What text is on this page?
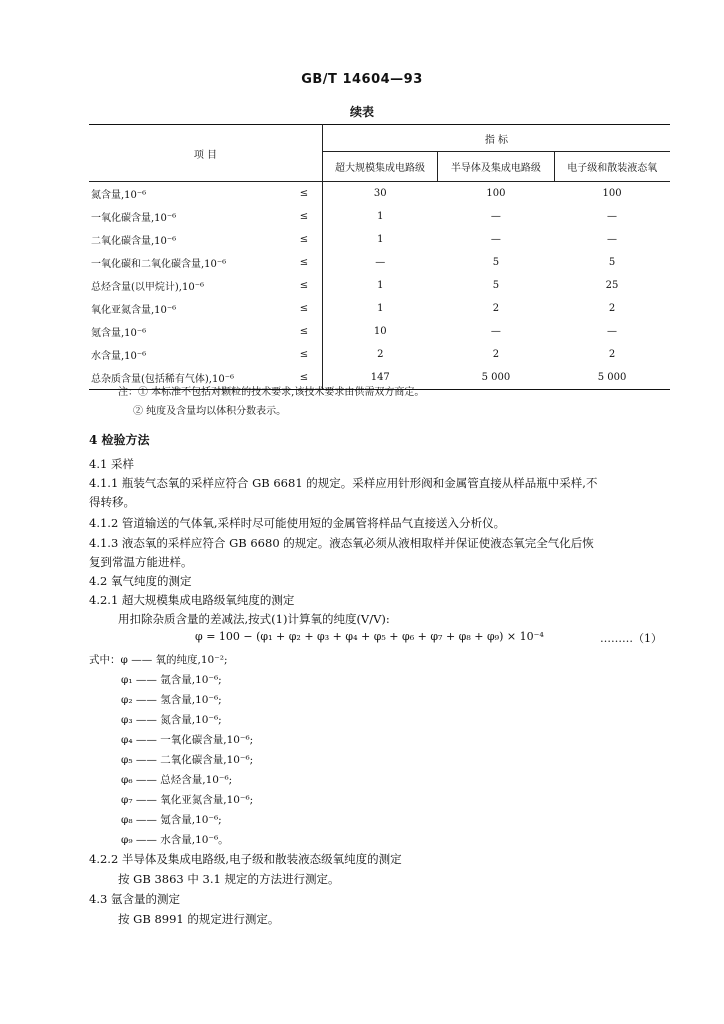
GB/T 14604—93
续表
项 目		指 标		
		超大规模集成电路级	半导体及集成电路级	电子级和散装液态氧
氮含量,10⁻⁶	≤	30	100	100
一氧化碳含量,10⁻⁶	≤	1	—	—
二氧化碳含量,10⁻⁶	≤	1	—	—
一氧化碳和二氧化碳含量,10⁻⁶	≤	—	5	5
总烃含量(以甲烷计),10⁻⁶	≤	1	5	25
氧化亚氮含量,10⁻⁶	≤	1	2	2
氪含量,10⁻⁶	≤	10	—	—
水含量,10⁻⁶	≤	2	2	2
总杂质含量(包括稀有气体),10⁻⁶	≤	147	5 000	5 000
注：① 本标准不包括对颗粒的技术要求,该技术要求由供需双方商定。
② 纯度及含量均以体积分数表示。
4 检验方法
4.1 采样
4.1.1 瓶装气态氧的采样应符合 GB 6681 的规定。采样应用针形阀和金属管直接从样品瓶中采样,不
得转移。
4.1.2 管道输送的气体氧,采样时尽可能使用短的金属管将样品气直接送入分析仪。
4.1.3 液态氧的采样应符合 GB 6680 的规定。液态氧必须从液相取样并保证使液态氧完全气化后恢
复到常温方能进样。
4.2 氧气纯度的测定
4.2.1 超大规模集成电路级氧纯度的测定
用扣除杂质含量的差减法,按式(1)计算氧的纯度(V/V):
φ = 100 − (φ₁ + φ₂ + φ₃ + φ₄ + φ₅ + φ₆ + φ₇ + φ₈ + φ₉) × 10⁻⁴	………（1）
式中：φ —— 氧的纯度,10⁻²;
φ₁ —— 氩含量,10⁻⁶;
φ₂ —— 氢含量,10⁻⁶;
φ₃ —— 氮含量,10⁻⁶;
φ₄ —— 一氧化碳含量,10⁻⁶;
φ₅ —— 二氧化碳含量,10⁻⁶;
φ₆ —— 总烃含量,10⁻⁶;
φ₇ —— 氧化亚氮含量,10⁻⁶;
φ₈ —— 氪含量,10⁻⁶;
φ₉ —— 水含量,10⁻⁶。
4.2.2 半导体及集成电路级,电子级和散装液态级氧纯度的测定
按 GB 3863 中 3.1 规定的方法进行测定。
4.3 氩含量的测定
按 GB 8991 的规定进行测定。
